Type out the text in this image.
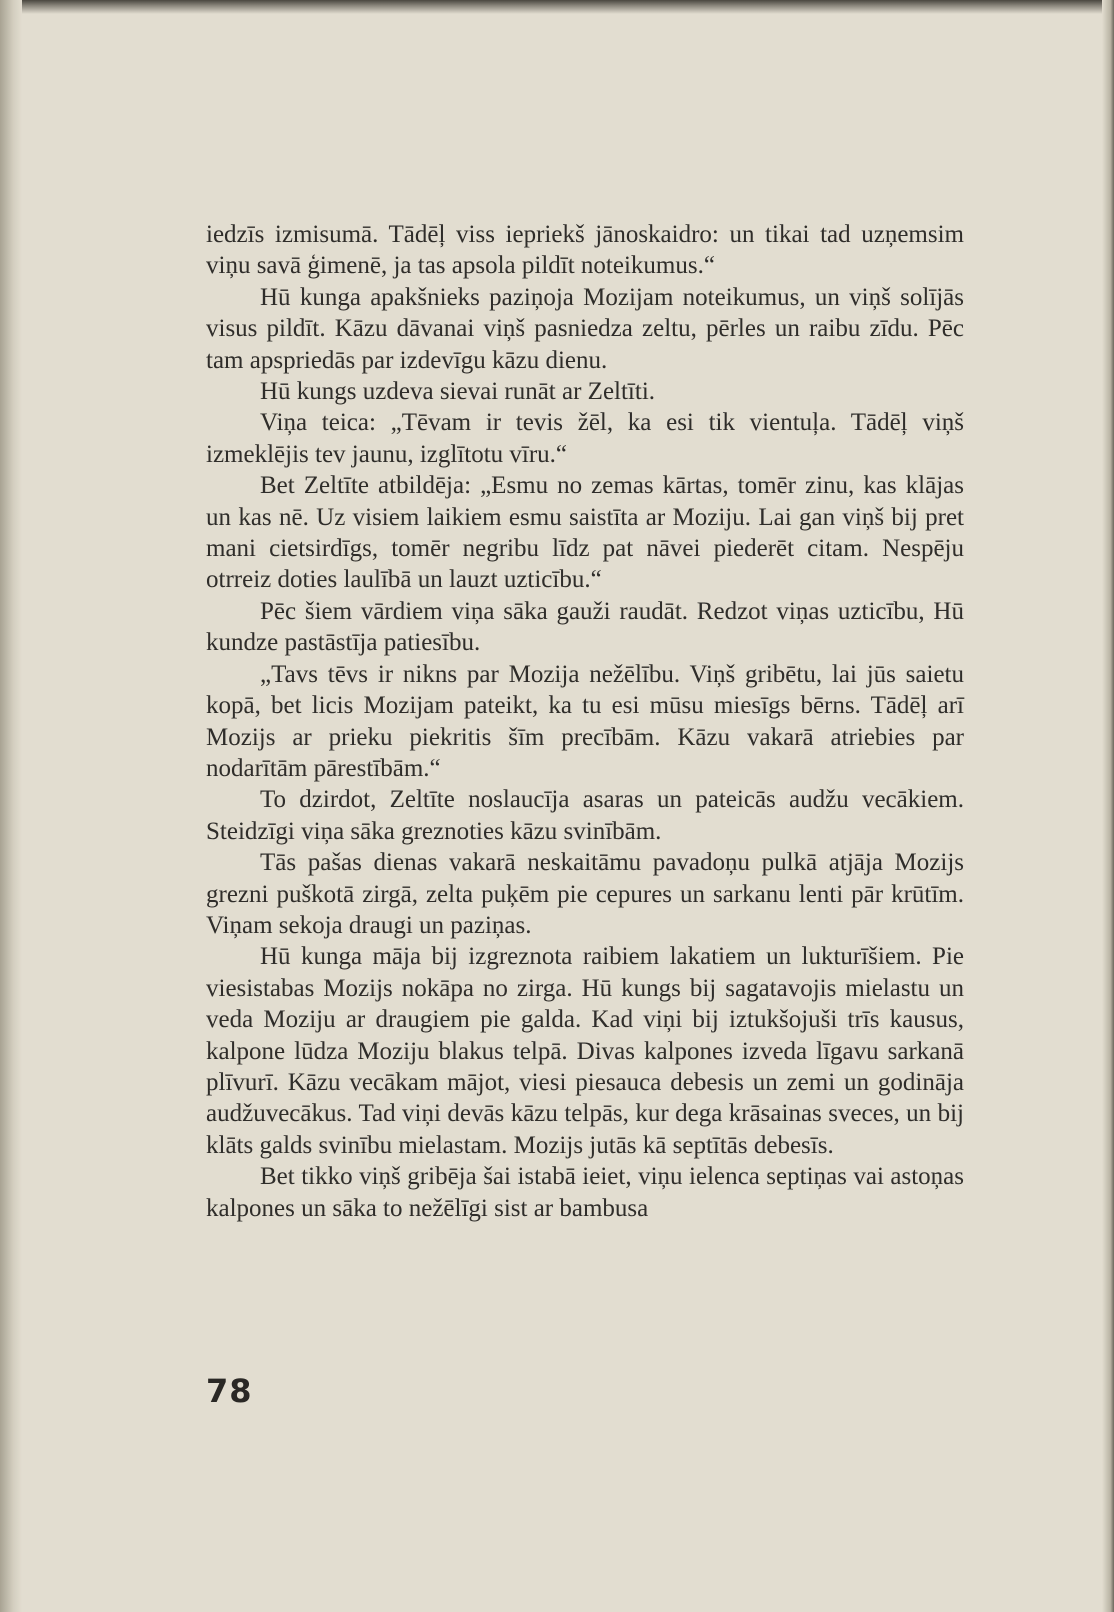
iedzīs izmisumā. Tādēļ viss iepriekš jānoskaidro: un tikai tad uzņemsim viņu savā ģimenē, ja tas apsola pildīt noteikumus.“

Hū kunga apakšnieks paziņoja Mozijam noteikumus, un viņš solījās visus pildīt. Kāzu dāvanai viņš pasniedza zeltu, pērles un raibu zīdu. Pēc tam apspriedās par izdevīgu kāzu dienu.

Hū kungs uzdeva sievai runāt ar Zeltīti.

Viņa teica: „Tēvam ir tevis žēl, ka esi tik vientuļa. Tādēļ viņš izmeklējis tev jaunu, izglītotu vīru.“

Bet Zeltīte atbildēja: „Esmu no zemas kārtas, tomēr zinu, kas klājas un kas nē. Uz visiem laikiem esmu saistīta ar Moziju. Lai gan viņš bij pret mani cietsirdīgs, tomēr negribu līdz pat nāvei piederēt citam. Nespēju otrreiz doties laulībā un lauzt uzticību.“

Pēc šiem vārdiem viņa sāka gauži raudāt. Redzot viņas uzticību, Hū kundze pastāstīja patiesību.

„Tavs tēvs ir nikns par Mozija nežēlību. Viņš gribētu, lai jūs saietu kopā, bet licis Mozijam pateikt, ka tu esi mūsu miesīgs bērns. Tādēļ arī Mozijs ar prieku piekritis šīm precībām. Kāzu vakarā atriebies par nodarītām pārestībām.“

To dzirdot, Zeltīte noslaucīja asaras un pateicās audžu vecākiem. Steidzīgi viņa sāka greznoties kāzu svinībām.

Tās pašas dienas vakarā neskaitāmu pavadoņu pulkā atjāja Mozijs grezni puškotā zirgā, zelta puķēm pie cepures un sarkanu lenti pār krūtīm. Viņam sekoja draugi un paziņas.

Hū kunga māja bij izgreznota raibiem lakatiem un lukturīšiem. Pie viesistabas Mozijs nokāpa no zirga. Hū kungs bij sagatavojis mielastu un veda Moziju ar draugiem pie galda. Kad viņi bij iztukšojuši trīs kausus, kalpone lūdza Moziju blakus telpā. Divas kalpones izveda līgavu sarkanā plīvurī. Kāzu vecākam mājot, viesi piesauca debesis un zemi un godināja audžuvecākus. Tad viņi devās kāzu telpās, kur dega krāsainas sveces, un bij klāts galds svinību mielastam. Mozijs jutās kā septītās debesīs.

Bet tikko viņš gribēja šai istabā ieiet, viņu ielenca septiņas vai astoņas kalpones un sāka to nežēlīgi sist ar bambusa

78
